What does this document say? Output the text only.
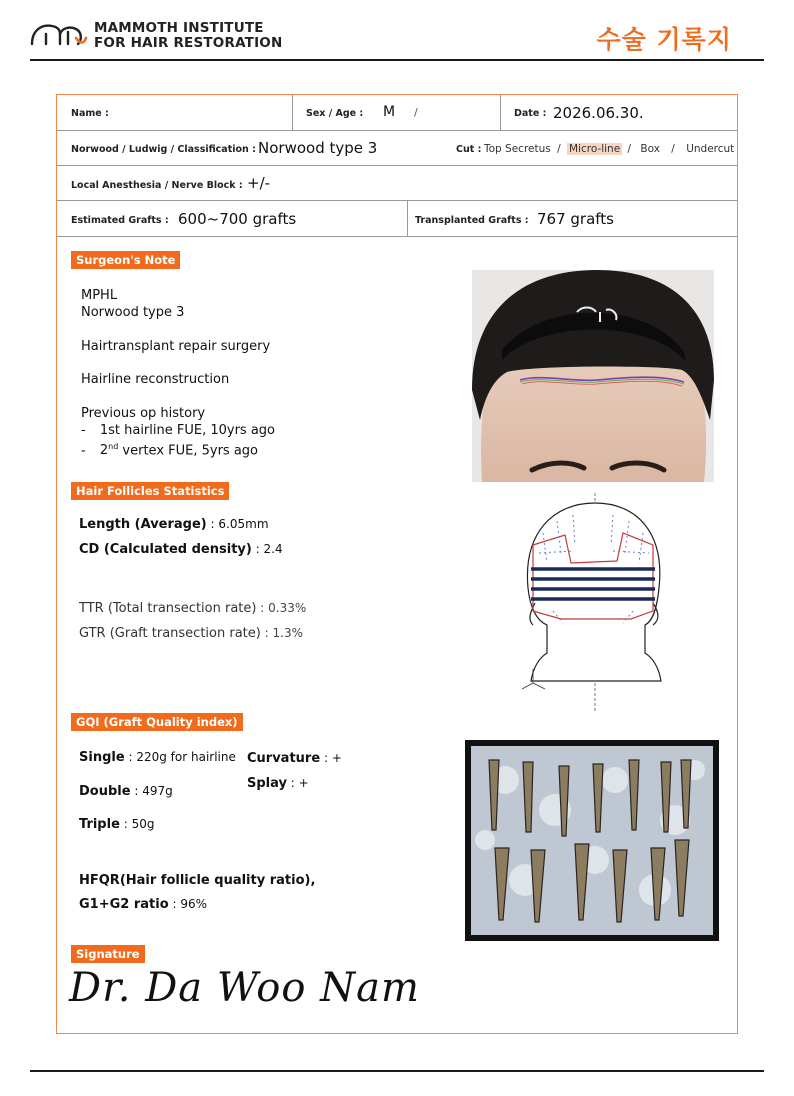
MAMMOTH INSTITUTE
FOR HAIR RESTORATION	수술 기록지
Name :	Sex / Age : M /	Date : 2026.06.30.
Norwood / Ludwig / Classification : Norwood type 3	Cut : Top Secretus / Micro-line / Box / Undercut
Local Anesthesia / Nerve Block : +/-
Estimated Grafts : 600~700 grafts	Transplanted Grafts : 767 grafts
Surgeon's Note
MPHL
Norwood type 3
Hairtransplant repair surgery
Hairline reconstruction
Previous op history
- 1st hairline FUE, 10yrs ago
- 2nd vertex FUE, 5yrs ago
Hair Follicles Statistics
Length (Average) : 6.05mm
CD (Calculated density) : 2.4
TTR (Total transection rate) : 0.33%
GTR (Graft transection rate) : 1.3%
GQI (Graft Quality index)
Single : 220g for hairline Curvature : +
Splay : +
Double : 497g
Triple : 50g
HFQR(Hair follicle quality ratio),
G1+G2 ratio : 96%
Signature
Dr. Da Woo Nam
